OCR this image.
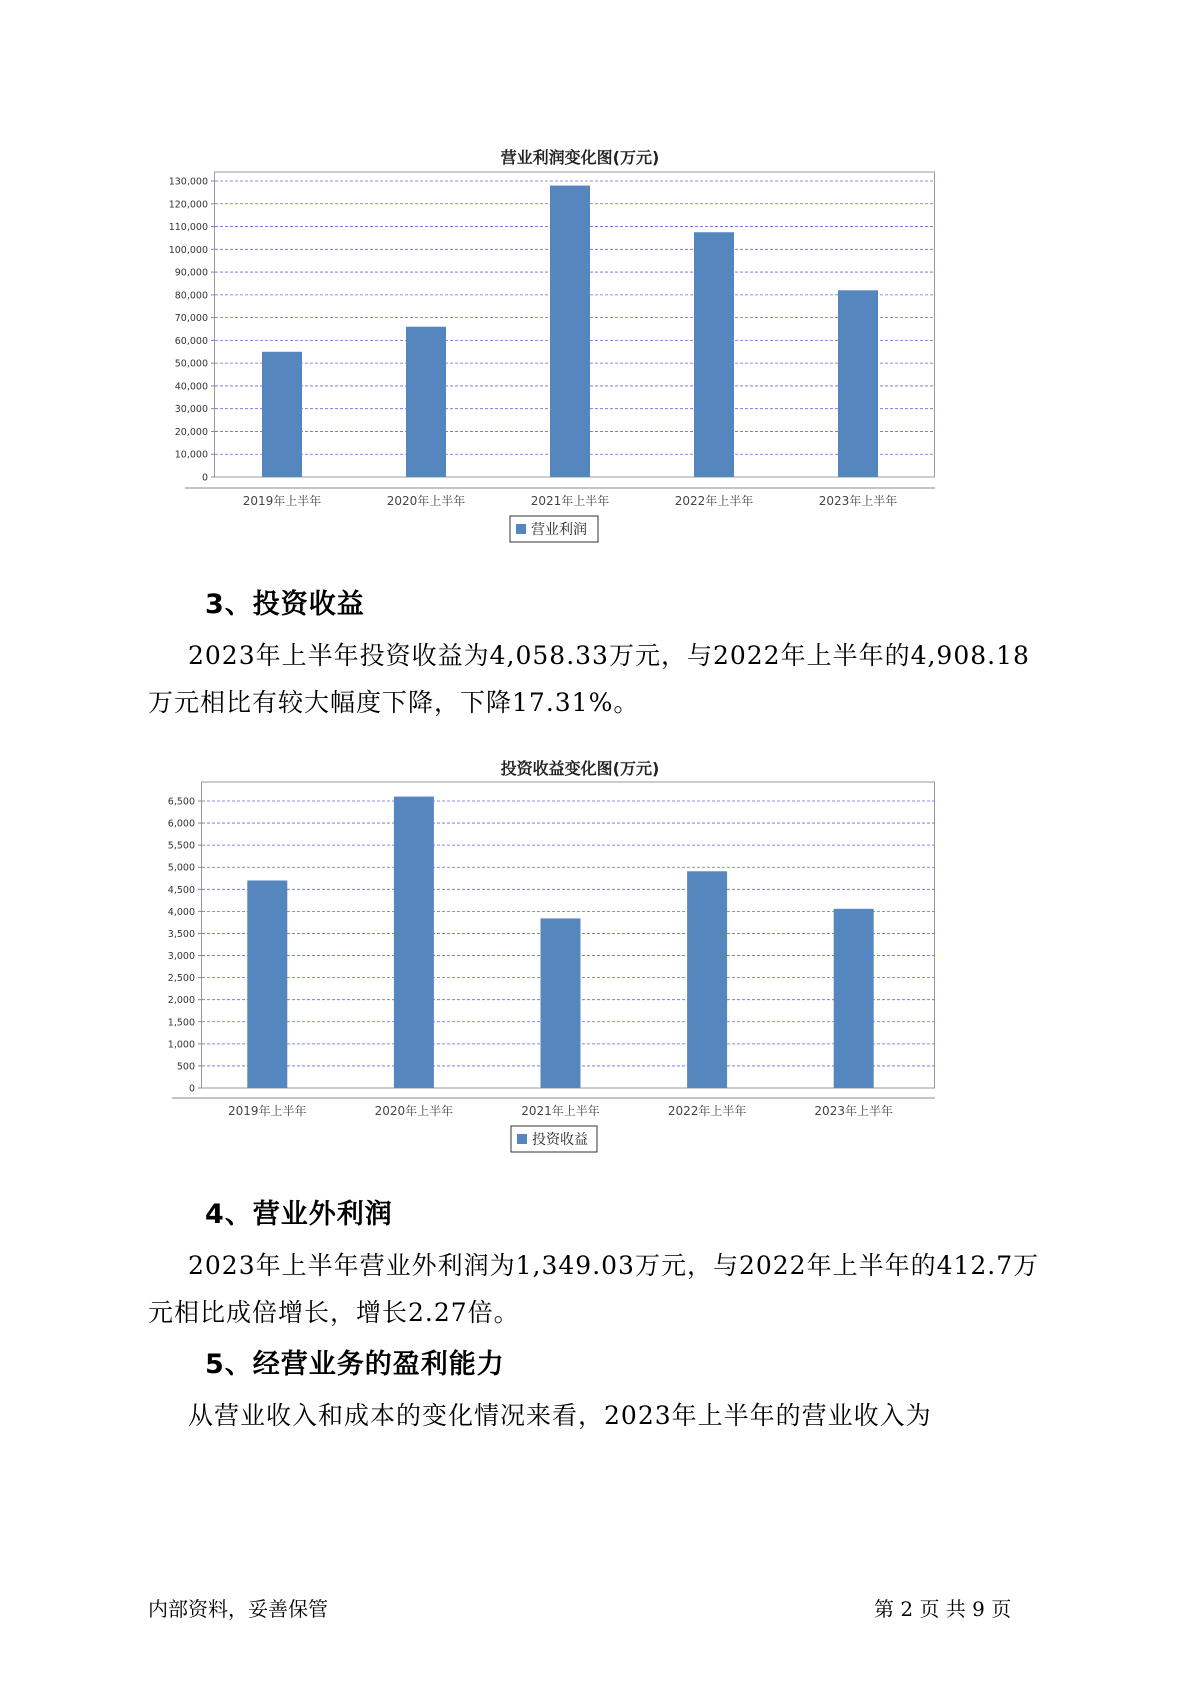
营业利润变化图(万元)
0
10,000
20,000
30,000
40,000
50,000
60,000
70,000
80,000
90,000
100,000
110,000
120,000
130,000
2019年上半年	2020年上半年	2021年上半年	2022年上半年	2023年上半年
营业利润
3、投资收益
2023年上半年投资收益为4,058.33万元，与2022年上半年的4,908.18
万元相比有较大幅度下降，下降17.31%。
投资收益变化图(万元)
0
500
1,000
1,500
2,000
2,500
3,000
3,500
4,000
4,500
5,000
5,500
6,000
6,500
2019年上半年	2020年上半年	2021年上半年	2022年上半年	2023年上半年
投资收益
4、营业外利润
2023年上半年营业外利润为1,349.03万元，与2022年上半年的412.7万
元相比成倍增长，增长2.27倍。
5、经营业务的盈利能力
从营业收入和成本的变化情况来看，2023年上半年的营业收入为
内部资料，妥善保管	第 2 页 共 9 页
